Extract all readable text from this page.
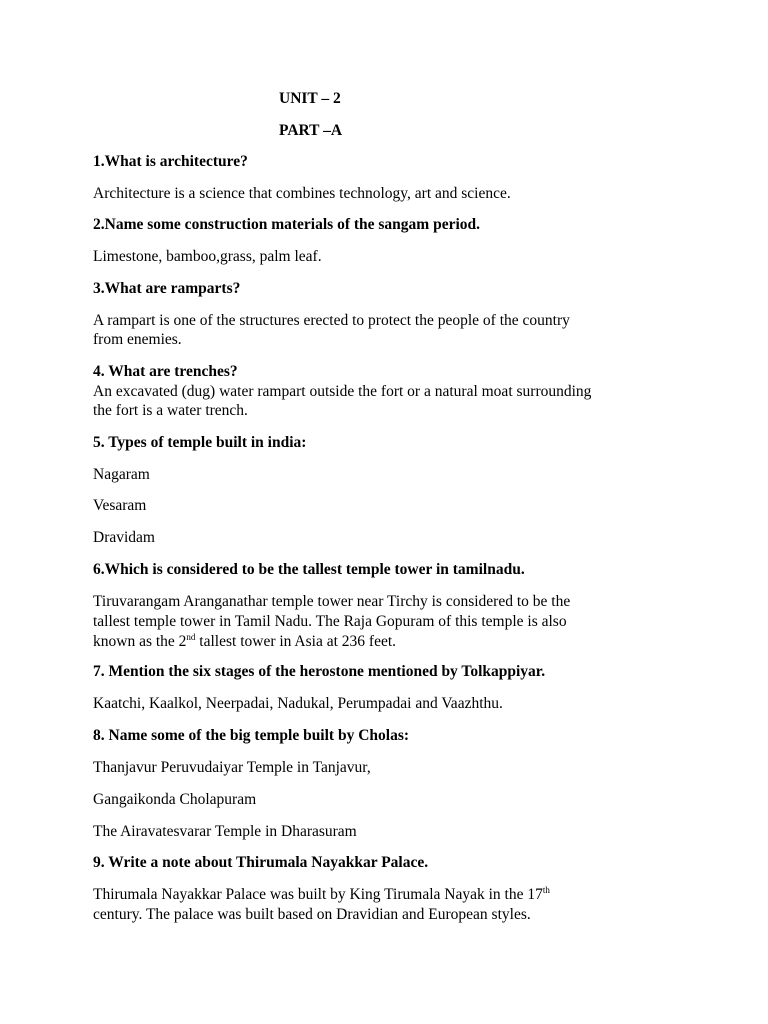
UNIT – 2
PART –A
1.What is architecture?
Architecture is a science that combines technology, art and science.
2.Name some construction materials of the sangam period.
Limestone, bamboo,grass, palm leaf.
3.What are ramparts?
A rampart is one of the structures erected to protect the people of the country
from enemies.
4. What are trenches?
An excavated (dug) water rampart outside the fort or a natural moat surrounding
the fort is a water trench.
5. Types of temple built in india:
Nagaram
Vesaram
Dravidam
6.Which is considered to be the tallest temple tower in tamilnadu.
Tiruvarangam Aranganathar temple tower near Tirchy is considered to be the
tallest temple tower in Tamil Nadu. The Raja Gopuram of this temple is also
known as the 2nd tallest tower in Asia at 236 feet.
7. Mention the six stages of the herostone mentioned by Tolkappiyar.
Kaatchi, Kaalkol, Neerpadai, Nadukal, Perumpadai and Vaazhthu.
8. Name some of the big temple built by Cholas:
Thanjavur Peruvudaiyar Temple in Tanjavur,
Gangaikonda Cholapuram
The Airavatesvarar Temple in Dharasuram
9. Write a note about Thirumala Nayakkar Palace.
Thirumala Nayakkar Palace was built by King Tirumala Nayak in the 17th
century. The palace was built based on Dravidian and European styles.
